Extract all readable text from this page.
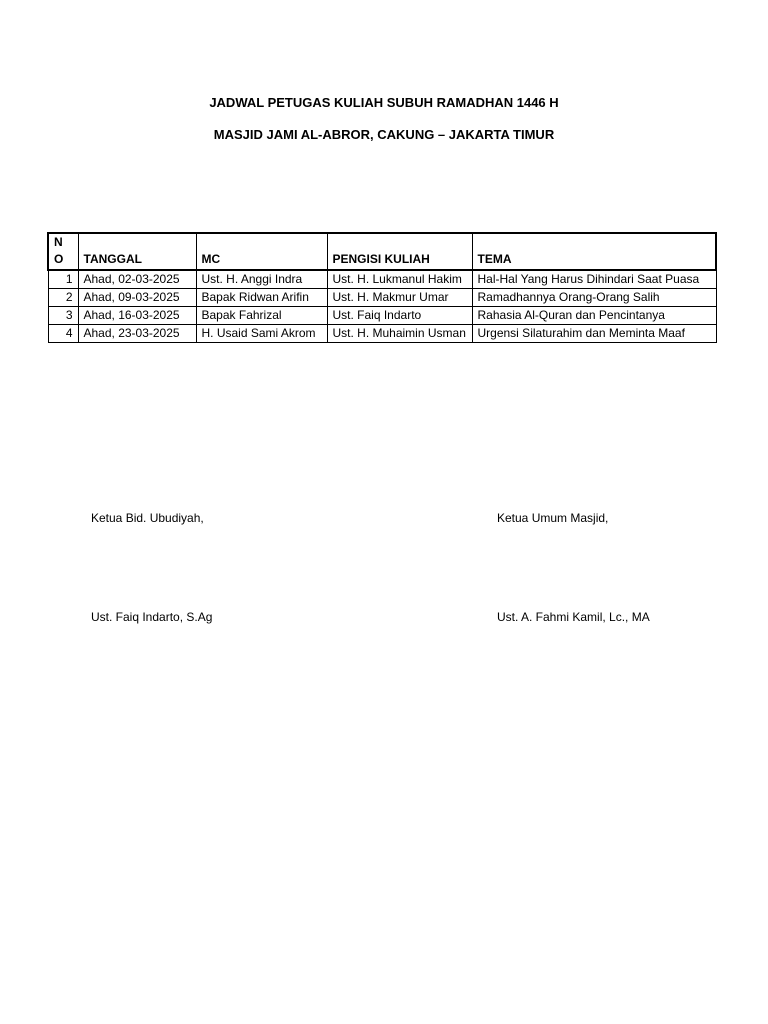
JADWAL PETUGAS KULIAH SUBUH RAMADHAN 1446 H
MASJID JAMI AL-ABROR, CAKUNG – JAKARTA TIMUR
N
O	TANGGAL	MC	PENGISI KULIAH	TEMA
1	Ahad, 02-03-2025	Ust. H. Anggi Indra	Ust. H. Lukmanul Hakim	Hal-Hal Yang Harus Dihindari Saat Puasa
2	Ahad, 09-03-2025	Bapak Ridwan Arifin	Ust. H. Makmur Umar	Ramadhannya Orang-Orang Salih
3	Ahad, 16-03-2025	Bapak Fahrizal	Ust. Faiq Indarto	Rahasia Al-Quran dan Pencintanya
4	Ahad, 23-03-2025	H. Usaid Sami Akrom	Ust. H. Muhaimin Usman	Urgensi Silaturahim dan Meminta Maaf
Ketua Bid. Ubudiyah,	Ketua Umum Masjid,
Ust. Faiq Indarto, S.Ag	Ust. A. Fahmi Kamil, Lc., MA
